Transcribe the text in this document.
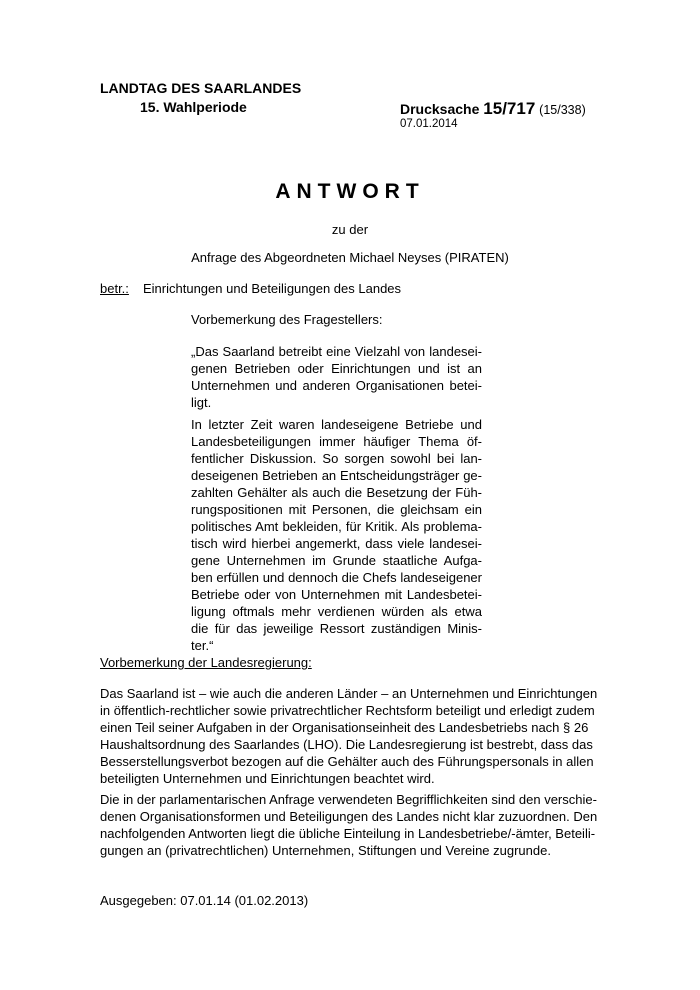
LANDTAG DES SAARLANDES
15. Wahlperiode	Drucksache 15/717 (15/338)
07.01.2014
ANTWORT
zu der
Anfrage des Abgeordneten Michael Neyses (PIRATEN)
betr.: Einrichtungen und Beteiligungen des Landes
Vorbemerkung des Fragestellers:

„Das Saarland betreibt eine Vielzahl von landesei-genen Betrieben oder Einrichtungen und ist an Unternehmen und anderen Organisationen betei-ligt.

In letzter Zeit waren landeseigene Betriebe und Landesbeteiligungen immer häufiger Thema öf-fentlicher Diskussion. So sorgen sowohl bei lan-deseigenen Betrieben an Entscheidungsträger ge-zahlten Gehälter als auch die Besetzung der Füh-rungspositionen mit Personen, die gleichsam ein politisches Amt bekleiden, für Kritik. Als problema-tisch wird hierbei angemerkt, dass viele landesei-gene Unternehmen im Grunde staatliche Aufga-ben erfüllen und dennoch die Chefs landeseigener Betriebe oder von Unternehmen mit Landesbetei-ligung oftmals mehr verdienen würden als etwa die für das jeweilige Ressort zuständigen Minis-ter.“

Vorbemerkung der Landesregierung:

Das Saarland ist – wie auch die anderen Länder – an Unternehmen und Einrichtungen in öffentlich-rechtlicher sowie privatrechtlicher Rechtsform beteiligt und erledigt zudem einen Teil seiner Aufgaben in der Organisationseinheit des Landesbetriebs nach § 26 Haushaltsordnung des Saarlandes (LHO). Die Landesregierung ist bestrebt, dass das Besserstellungsverbot bezogen auf die Gehälter auch des Führungspersonals in allen beteiligten Unternehmen und Einrichtungen beachtet wird.

Die in der parlamentarischen Anfrage verwendeten Begrifflichkeiten sind den verschie-denen Organisationsformen und Beteiligungen des Landes nicht klar zuzuordnen. Den nachfolgenden Antworten liegt die übliche Einteilung in Landesbetriebe/-ämter, Beteili-gungen an (privatrechtlichen) Unternehmen, Stiftungen und Vereine zugrunde.

Ausgegeben: 07.01.14 (01.02.2013)
